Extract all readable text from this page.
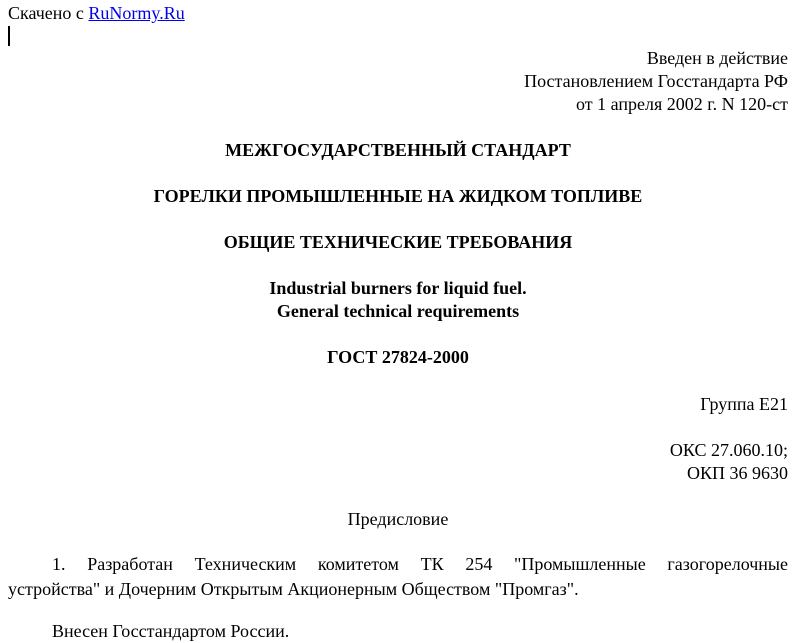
Скачено с RuNormy.Ru
Введен в действие
Постановлением Госстандарта РФ
от 1 апреля 2002 г. N 120-ст
МЕЖГОСУДАРСТВЕННЫЙ СТАНДАРТ
ГОРЕЛКИ ПРОМЫШЛЕННЫЕ НА ЖИДКОМ ТОПЛИВЕ
ОБЩИЕ ТЕХНИЧЕСКИЕ ТРЕБОВАНИЯ
Industrial burners for liquid fuel.
General technical requirements
ГОСТ 27824-2000
Группа Е21
ОКС 27.060.10;
ОКП 36 9630
Предисловие
1. Разработан Техническим комитетом ТК 254 "Промышленные газогорелочные
устройства" и Дочерним Открытым Акционерным Обществом "Промгаз".
Внесен Госстандартом России.
